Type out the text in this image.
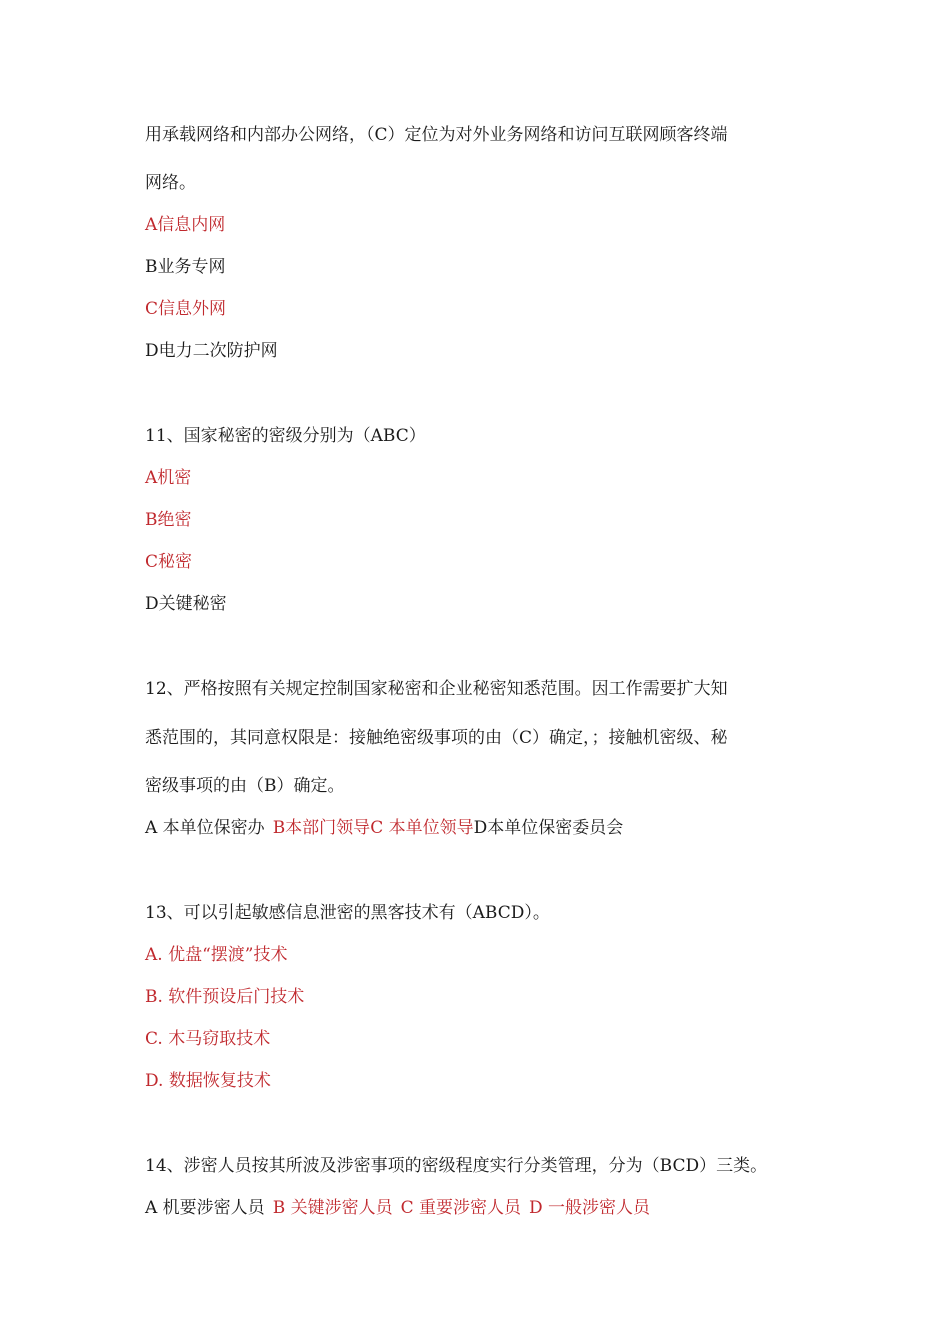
用承载网络和内部办公网络，（C）定位为对外业务网络和访问互联网顾客终端
网络。
A信息内网
B业务专网
C信息外网
D电力二次防护网
11、国家秘密的密级分别为（ABC）
A机密
B绝密
C秘密
D关键秘密
12、严格按照有关规定控制国家秘密和企业秘密知悉范围。因工作需要扩大知
悉范围的，其同意权限是：接触绝密级事项的由（C）确定，；接触机密级、秘
密级事项的由（B）确定。
A 本单位保密办 B本部门领导C 本单位领导D本单位保密委员会
13、可以引起敏感信息泄密的黑客技术有（ABCD）。
A. 优盘“摆渡”技术
B. 软件预设后门技术
C. 木马窃取技术
D. 数据恢复技术
14、涉密人员按其所波及涉密事项的密级程度实行分类管理，分为（BCD）三类。
A 机要涉密人员 B 关键涉密人员 C 重要涉密人员 D 一般涉密人员
